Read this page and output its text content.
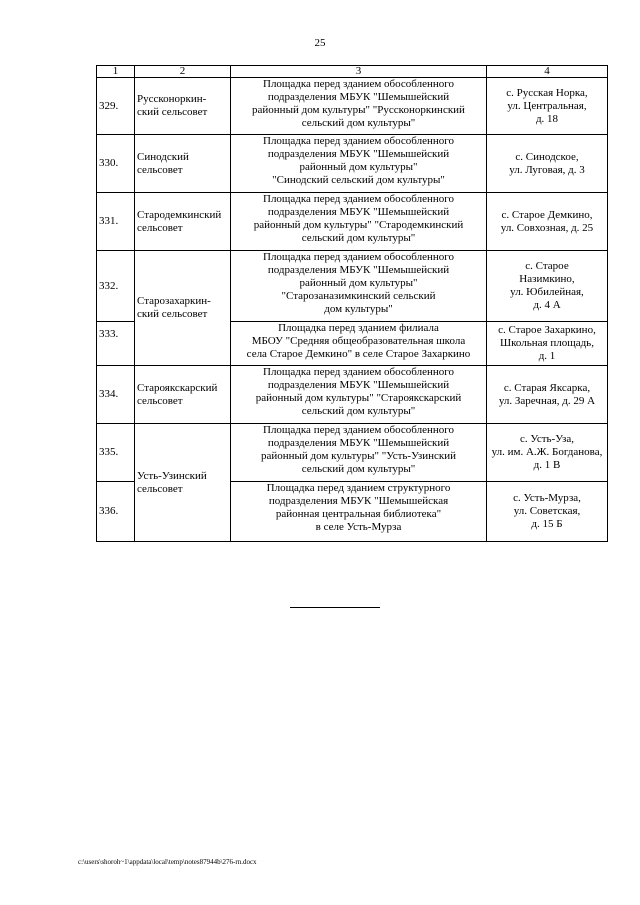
25
1	2	3	4
329.	Руссконоркин-
ский сельсовет	Площадка перед зданием обособленного
подразделения МБУК "Шемышейский
районный дом культуры" "Руссконоркинский
сельский дом культуры"	с. Русская Норка,
ул. Центральная,
д. 18

330.	Синодский
сельсовет	Площадка перед зданием обособленного
подразделения МБУК "Шемышейский
районный дом культуры"
"Синодский сельский дом культуры"	с. Синодское,
ул. Луговая, д. 3

331.	Стародемкинский
сельсовет	Площадка перед зданием обособленного
подразделения МБУК "Шемышейский
районный дом культуры" "Стародемкинский
сельский дом культуры"	с. Старое Демкино,
ул. Совхозная, д. 25

332.	Старозахаркин-
ский сельсовет	Площадка перед зданием обособленного
подразделения МБУК "Шемышейский
районный дом культуры"
"Старозаназимкинский сельский
дом культуры"	с. Старое
Назимкино,
ул. Юбилейная,
д. 4 А

333.		Площадка перед зданием филиала
МБОУ "Средняя общеобразовательная школа
села Старое Демкино" в селе Старое Захаркино	с. Старое Захаркино,
Школьная площадь,
д. 1

334.	Староякскарский
сельсовет	Площадка перед зданием обособленного
подразделения МБУК "Шемышейский
районный дом культуры" "Староякскарский
сельский дом культуры"	с. Старая Яксарка,
ул. Заречная, д. 29 А

335.	Усть-Узинский
сельсовет	Площадка перед зданием обособленного
подразделения МБУК "Шемышейский
районный дом культуры" "Усть-Узинский
сельский дом культуры"	с. Усть-Уза,
ул. им. А.Ж. Богданова,
д. 1 В

336.		Площадка перед зданием структурного
подразделения МБУК "Шемышейская
районная центральная библиотека"
в селе Усть-Мурза	с. Усть-Мурза,
ул. Советская,
д. 15 Б
c:\users\shoroh~1\appdata\local\temp\notes87944b\276-rn.docx
